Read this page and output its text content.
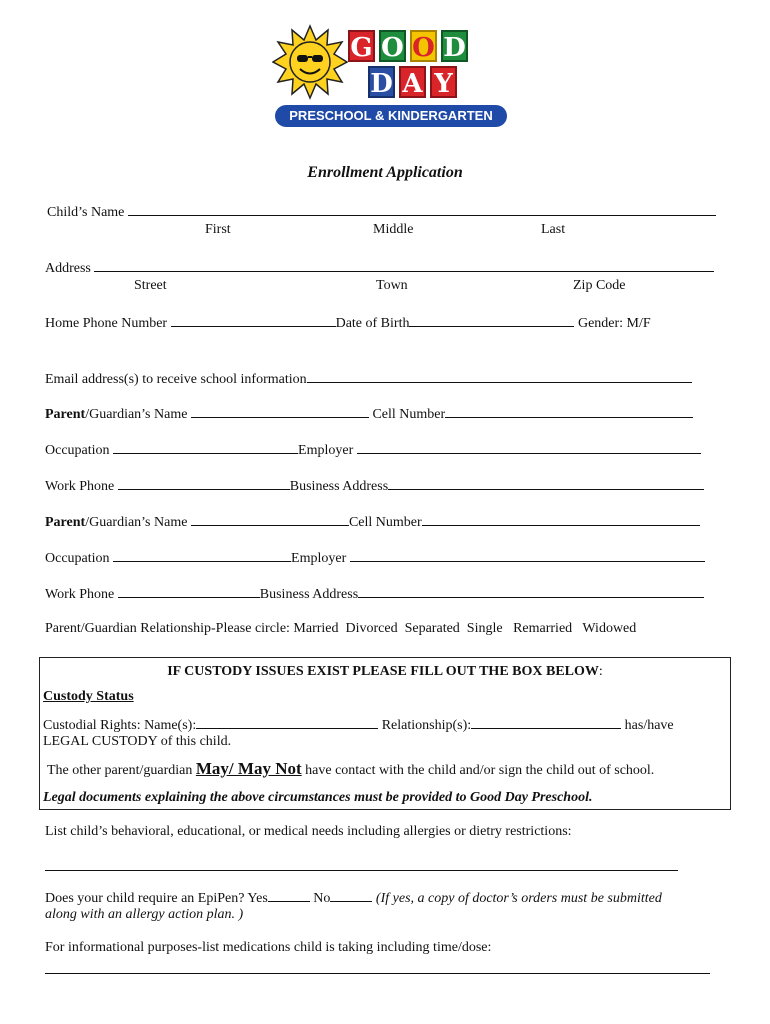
G O O D
D A Y
PRESCHOOL & KINDERGARTEN
Enrollment Application
Child’s Name
First	Middle	Last
Address
Street	Town	Zip Code
Home Phone Number	Date of Birth	Gender: M/F
Email address(s) to receive school information
Parent/Guardian’s Name	Cell Number
Occupation	Employer
Work Phone	Business Address
Parent/Guardian’s Name	Cell Number
Occupation	Employer
Work Phone	Business Address
Parent/Guardian Relationship-Please circle: Married  Divorced  Separated  Single   Remarried   Widowed
IF CUSTODY ISSUES EXIST PLEASE FILL OUT THE BOX BELOW:
Custody Status
Custodial Rights: Name(s):	Relationship(s):	has/have
LEGAL CUSTODY of this child.
The other parent/guardian May/ May Not have contact with the child and/or sign the child out of school.
Legal documents explaining the above circumstances must be provided to Good Day Preschool.
List child’s behavioral, educational, or medical needs including allergies or dietry restrictions:
Does your child require an EpiPen? Yes	No	(If yes, a copy of doctor’s orders must be submitted
along with an allergy action plan. )
For informational purposes-list medications child is taking including time/dose:
